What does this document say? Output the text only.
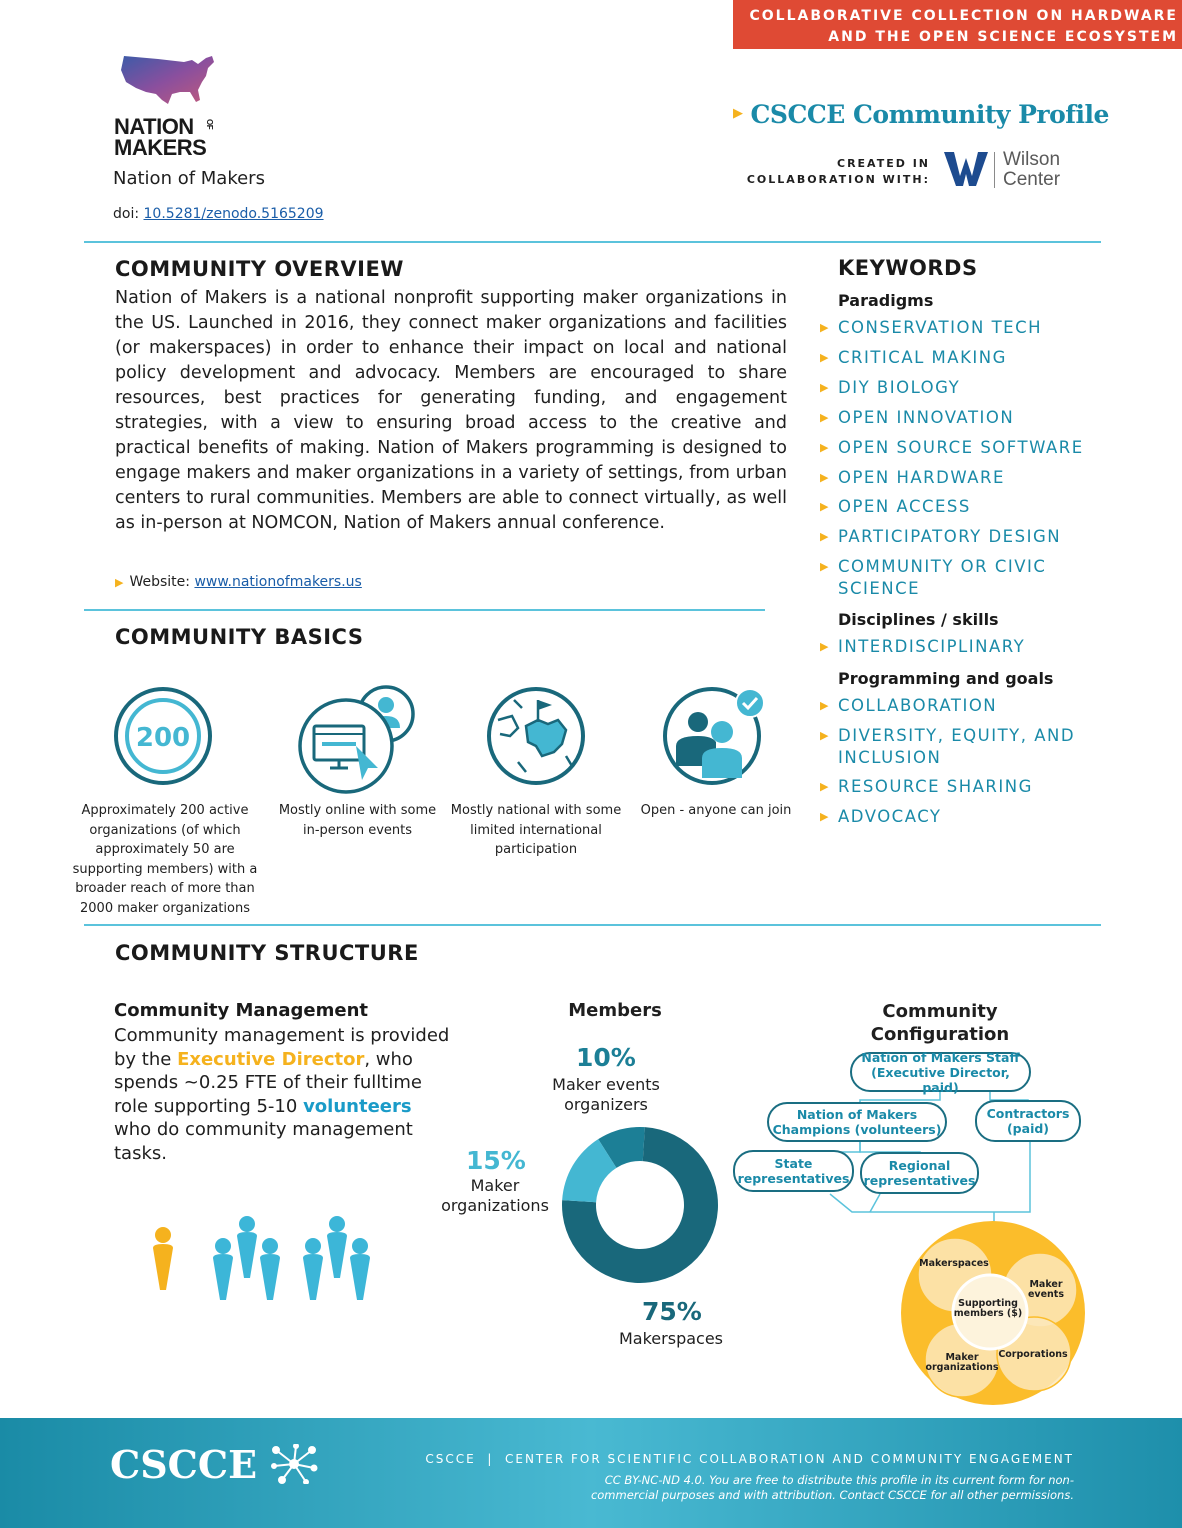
COLLABORATIVE COLLECTION ON HARDWARE
AND THE OPEN SCIENCE ECOSYSTEM
NATION
MAKERS
OF
Nation of Makers
doi: 10.5281/zenodo.5165209
▶ CSCCE Community Profile
CREATED IN
COLLABORATION WITH:
Wilson
Center
COMMUNITY OVERVIEW
Nation of Makers is a national nonprofit supporting maker organizations in the US. Launched in 2016, they connect maker organizations and facilities (or makerspaces) in order to enhance their impact on local and national policy development and advocacy. Members are encouraged to share resources, best practices for generating funding, and engagement strategies, with a view to ensuring broad access to the creative and practical benefits of making. Nation of Makers programming is designed to engage makers and maker organizations in a variety of settings, from urban centers to rural communities. Members are able to connect virtually, as well as in-person at NOMCON, Nation of Makers annual conference.
▶ Website: www.nationofmakers.us
KEYWORDS
Paradigms
▶ CONSERVATION TECH
▶ CRITICAL MAKING
▶ DIY BIOLOGY
▶ OPEN INNOVATION
▶ OPEN SOURCE SOFTWARE
▶ OPEN HARDWARE
▶ OPEN ACCESS
▶ PARTICIPATORY DESIGN
▶ COMMUNITY OR CIVIC SCIENCE
Disciplines / skills
▶ INTERDISCIPLINARY
Programming and goals
▶ COLLABORATION
▶ DIVERSITY, EQUITY, AND INCLUSION
▶ RESOURCE SHARING
▶ ADVOCACY
COMMUNITY BASICS
200
Approximately 200 active organizations (of which approximately 50 are supporting members) with a broader reach of more than 2000 maker organizations
Mostly online with some in-person events
Mostly national with some limited international participation
Open - anyone can join
COMMUNITY STRUCTURE
Community Management
Community management is provided by the Executive Director, who spends ~0.25 FTE of their fulltime role supporting 5-10 volunteers who do community management tasks.
Members
10%
Maker events organizers
15%
Maker organizations
75%
Makerspaces
Community
Configuration
Nation of Makers Staff
(Executive Director, paid)
Nation of Makers
Champions (volunteers)
Contractors
(paid)
State
representatives
Regional
representatives
Makerspaces
Maker
events
Supporting
members ($)
Maker
organizations
Corporations
CSCCE	CSCCE  |  CENTER FOR SCIENTIFIC COLLABORATION AND COMMUNITY ENGAGEMENT
CC BY-NC-ND 4.0. You are free to distribute this profile in its current form for non-commercial purposes and with attribution. Contact CSCCE for all other permissions.
